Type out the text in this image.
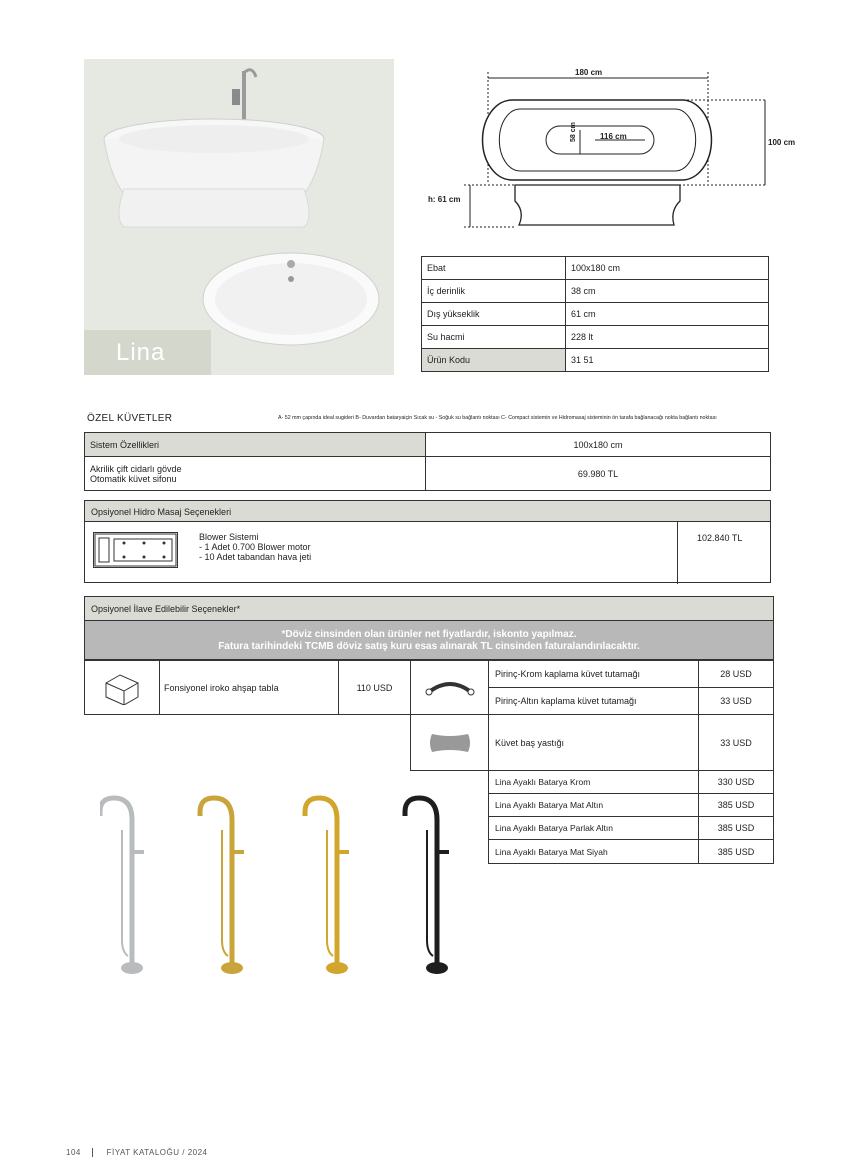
Lina
180 cm
100 cm
h: 61 cm
116 cm
58 cm
Ebat	100x180 cm
İç derinlik	38 cm
Dış yükseklik	61 cm
Su hacmi	228 lt
Ürün Kodu	31 51
ÖZEL KÜVETLER	A- 52 mm çapında ideal sugideri B- Duvardan bataryaiçin Sıcak su - Soğuk su bağlantı noktası C- Compact sistemin ve Hidromasaj sisteminin ön tarafa bağlanacağı nokta bağlantı noktası
Sistem Özellikleri	100x180 cm

Akrilik çift cidarlı gövde
Otomatik küvet sifonu	69.980 TL
Opsiyonel Hidro Masaj Seçenekleri
Blower Sistemi
- 1 Adet 0.700 Blower motor
- 10 Adet tabandan hava jeti
102.840 TL
Opsiyonel İlave Edilebilir Seçenekler*
*Döviz cinsinden olan ürünler net fiyatlardır, iskonto yapılmaz.
Fatura tarihindeki TCMB döviz satış kuru esas alınarak TL cinsinden faturalandırılacaktır.
Fonsiyonel iroko ahşap tabla	110 USD
Pirinç-Krom kaplama küvet tutamağı	28 USD
Pirinç-Altın kaplama küvet tutamağı	33 USD
Küvet baş yastığı	33 USD
Lina Ayaklı Batarya Krom	330 USD
Lina Ayaklı Batarya Mat Altın	385 USD
Lina Ayaklı Batarya Parlak Altın	385 USD
Lina Ayaklı Batarya Mat Siyah	385 USD
104	FİYAT KATALOĞU / 2024
